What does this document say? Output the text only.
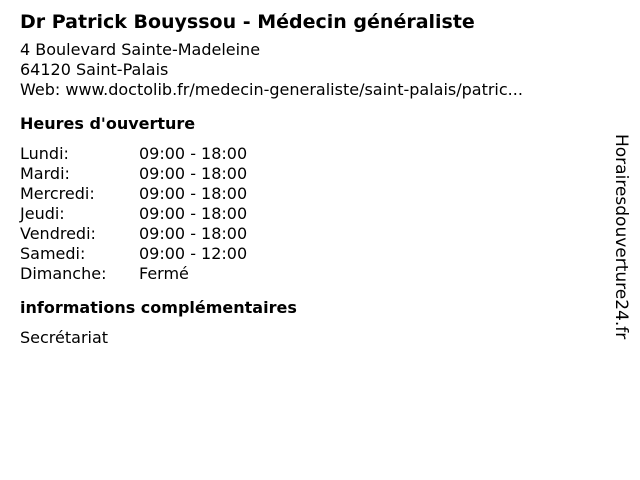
Dr Patrick Bouyssou - Médecin généraliste
4 Boulevard Sainte-Madeleine
64120 Saint-Palais
Web: www.doctolib.fr/medecin-generaliste/saint-palais/patric...
Heures d'ouverture
Lundi:	09:00 - 18:00
Mardi:	09:00 - 18:00
Mercredi:	09:00 - 18:00
Jeudi:	09:00 - 18:00
Vendredi:	09:00 - 18:00
Samedi:	09:00 - 12:00
Dimanche:	Fermé
informations complémentaires
Secrétariat	Horairesdouverture24.fr
